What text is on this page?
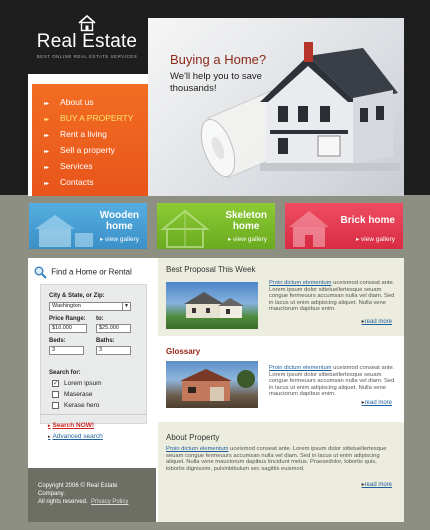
Real Estate
BEST ONLINE REAL ESTATE SERVICES	Buying a Home?
We'll help you to save thousands!
▸▸ About us
▸▸ BUY A PROPERTY
▸▸ Rent a living
▸▸ Sell a property
▸▸ Services
▸▸ Contacts
Wooden
home
▸ view gallery
Skeleton
home
▸ view gallery
Brick home
▸ view gallery
Find a Home or Rental
City & State, or Zip:
Washington	▼
Price Range: to:
$10.000	$25.000
Beds:	Baths:
3	3
Search for:
✓ Lorem ipsum
Maserase
Kerase hero
▸ Search NOW!
▸ Advanced search
Copyright 2006 © Real Estate Company.
All rights reserved. Privacy Policy
Best Proposal This Week
Proin dictum elementum uceismod conseat ante. Lorem ipsum dolor sittetuellertesque seuam congue fermeuurs accumsan nulla vel diam. Sed in lacus ut enim adipiscing aliquet. Nulla vene mauctorum dapibus enim.
▸ read more
Glossary
Proin dictum elementum uceismod conseat ante. Lorem ipsum dolor sittetuellertesque seuam congue fermeuurs accumsan nulla vel diam. Sed in lacus ut enim adipiscing aliquet. Nulla vene mauctorum dapibus enim.
▸ read more
About Property
Proin dictum elementum uceismod conseat ante. Lorem ipsum dolor sittetuellertesque seuam congue fermeuurs accumsan nulla vel diam. Sed in lacus ut enim adipiscing aliquet. Nulla vene mauctorum dapibus tincidunt metus. Praesedolor, lobortis quis, lobortis dignissim, pulvinbibulum sec sagittis euismod.
▸ read more
